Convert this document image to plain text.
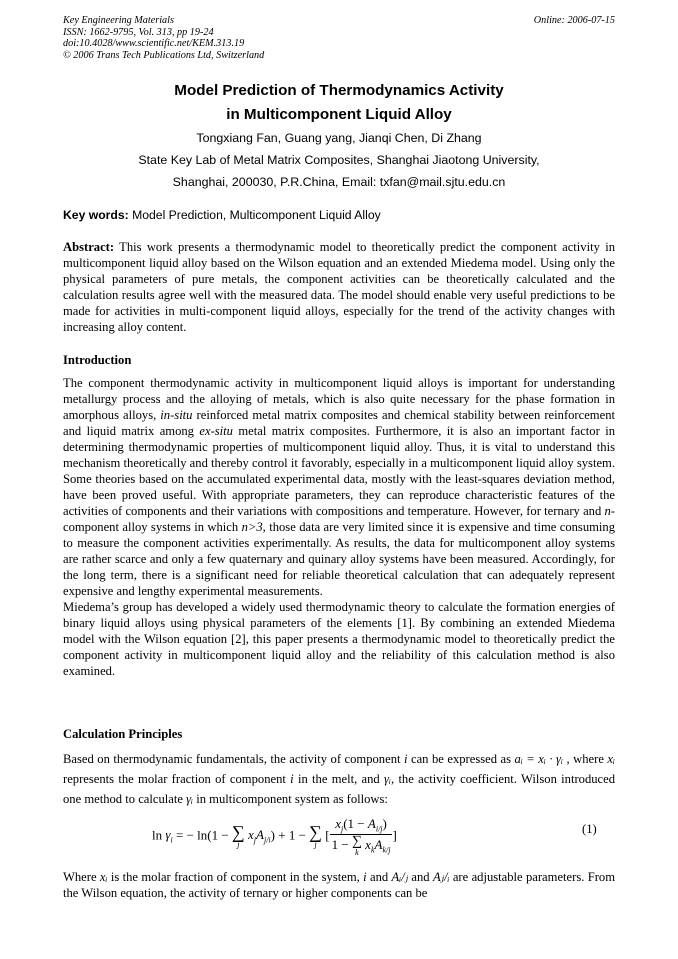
Key Engineering Materials
ISSN: 1662-9795, Vol. 313, pp 19-24
doi:10.4028/www.scientific.net/KEM.313.19
© 2006 Trans Tech Publications Ltd, Switzerland
Online: 2006-07-15
Model Prediction of Thermodynamics Activity
in Multicomponent Liquid Alloy
Tongxiang Fan, Guang yang, Jianqi Chen, Di Zhang
State Key Lab of Metal Matrix Composites, Shanghai Jiaotong University,
Shanghai, 200030, P.R.China, Email: txfan@mail.sjtu.edu.cn
Key words: Model Prediction, Multicomponent Liquid Alloy
Abstract: This work presents a thermodynamic model to theoretically predict the component activity in multicomponent liquid alloy based on the Wilson equation and an extended Miedema model. Using only the physical parameters of pure metals, the component activities can be theoretically calculated and the calculation results agree well with the measured data. The model should enable very useful predictions to be made for activities in multi-component liquid alloys, especially for the trend of the activity changes with increasing alloy content.
Introduction
The component thermodynamic activity in multicomponent liquid alloys is important for understanding metallurgy process and the alloying of metals, which is also quite necessary for the phase formation in amorphous alloys, in-situ reinforced metal matrix composites and chemical stability between reinforcement and liquid matrix among ex-situ metal matrix composites. Furthermore, it is also an important factor in determining thermodynamic properties of multicomponent liquid alloy. Thus, it is vital to understand this mechanism theoretically and thereby control it favorably, especially in a multicomponent liquid alloy system. Some theories based on the accumulated experimental data, mostly with the least-squares deviation method, have been proved useful. With appropriate parameters, they can reproduce characteristic features of the activities of components and their variations with compositions and temperature. However, for ternary and n-component alloy systems in which n>3, those data are very limited since it is expensive and time consuming to measure the component activities experimentally. As results, the data for multicomponent alloy systems are rather scarce and only a few quaternary and quinary alloy systems have been measured. Accordingly, for the long term, there is a significant need for reliable theoretical calculation that can adequately represent expensive and lengthy experimental measurements.
Miedema’s group has developed a widely used thermodynamic theory to calculate the formation energies of binary liquid alloys using physical parameters of the elements [1]. By combining an extended Miedema model with the Wilson equation [2], this paper presents a thermodynamic model to theoretically predict the component activity in multicomponent liquid alloy and the reliability of this calculation method is also examined.
Calculation Principles
Based on thermodynamic fundamentals, the activity of component i can be expressed as aᵢ = xᵢ · γᵢ , where xᵢ represents the molar fraction of component i in the melt, and γᵢ, the activity coefficient. Wilson introduced one method to calculate γᵢ in multicomponent system as follows:
$\ln \gamma_i$ = − ln(1 − ∑
j
$x_jA_{j/i}) + 1$ − ∑
j
[ $x_j(1 - A_{i/j})$
1 − ∑
k
$x_kA_{k/j}$ ]	(1)
Where xᵢ is the molar fraction of component in the system, i and Aᵢ/ⱼ and Aⱼ/ᵢ are adjustable parameters. From the Wilson equation, the activity of ternary or higher components can be
